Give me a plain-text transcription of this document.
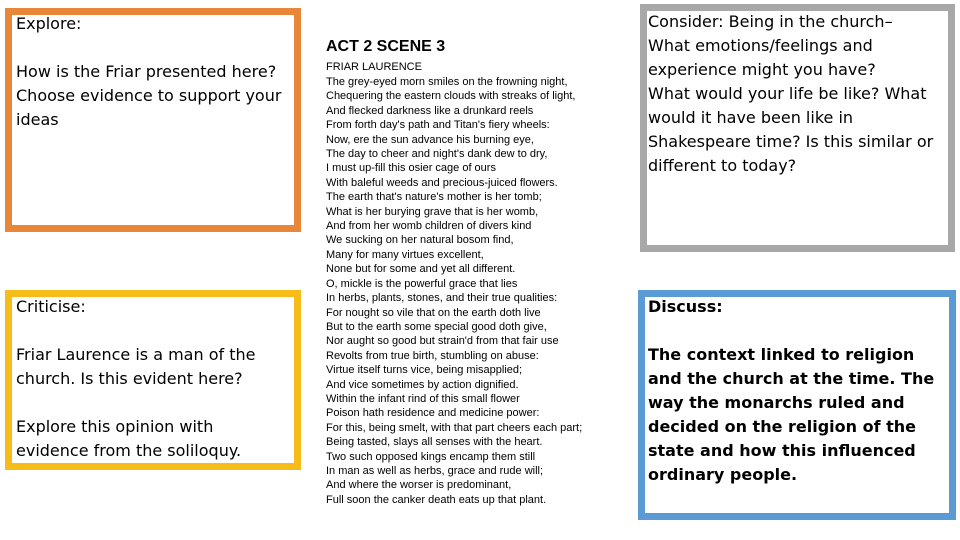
Explore:

How is the Friar presented here? Choose evidence to support your ideas

Criticise:

Friar Laurence is a man of the church. Is this evident here?

Explore this opinion with evidence from the soliloquy.

ACT 2 SCENE 3

FRIAR LAURENCE

The grey-eyed morn smiles on the frowning night,
Chequering the eastern clouds with streaks of light,
And flecked darkness like a drunkard reels
From forth day's path and Titan's fiery wheels:
Now, ere the sun advance his burning eye,
The day to cheer and night's dank dew to dry,
I must up-fill this osier cage of ours
With baleful weeds and precious-juiced flowers.
The earth that's nature's mother is her tomb;
What is her burying grave that is her womb,
And from her womb children of divers kind
We sucking on her natural bosom find,
Many for many virtues excellent,
None but for some and yet all different.
O, mickle is the powerful grace that lies
In herbs, plants, stones, and their true qualities:
For nought so vile that on the earth doth live
But to the earth some special good doth give,
Nor aught so good but strain'd from that fair use
Revolts from true birth, stumbling on abuse:
Virtue itself turns vice, being misapplied;
And vice sometimes by action dignified.
Within the infant rind of this small flower
Poison hath residence and medicine power:
For this, being smelt, with that part cheers each part;
Being tasted, slays all senses with the heart.
Two such opposed kings encamp them still
In man as well as herbs, grace and rude will;
And where the worser is predominant,
Full soon the canker death eats up that plant.

Consider: Being in the church–
What emotions/feelings and experience might you have?

What would your life be like? What would it have been like in Shakespeare time? Is this similar or different to today?

Discuss:

The context linked to religion and the church at the time. The way the monarchs ruled and decided on the religion of the state and how this influenced ordinary people.
